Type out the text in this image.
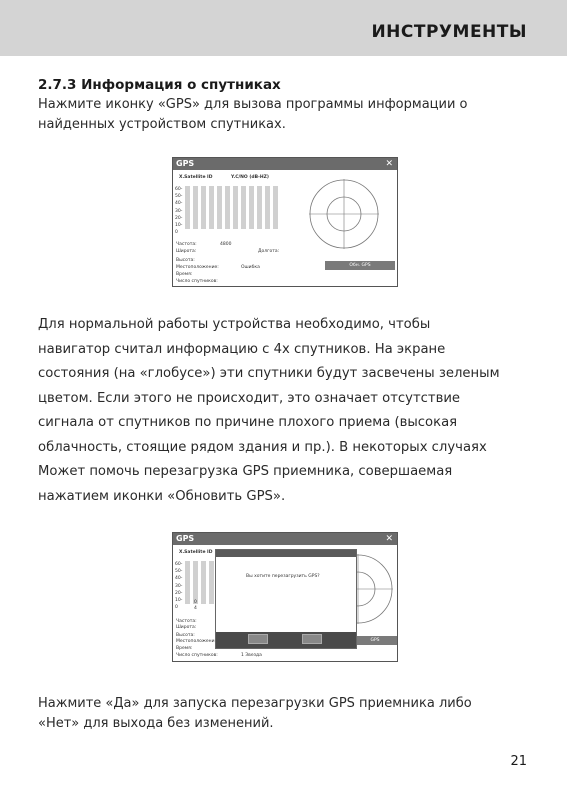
ИНСТРУМЕНТЫ
2.7.3 Информация о спутниках
Нажмите иконку «GPS» для вызова программы информации о
найденных устройством спутниках.
GPS	✕
X.Satellite ID	Y.C/NO (dB-HZ)
60-
50-
40-
30-
20-
10-
0
Частота:	4800
Широта:	Долгота:
Высота:
Местоположение:	Ошибка
Время:
Число спутников:
Обн. GPS
Для нормальной работы устройства необходимо, чтобы
навигатор считал информацию с 4х спутников. На экране
состояния (на «глобусе») эти спутники будут засвечены зеленым
цветом. Если этого не происходит, это означает отсутствие
сигнала от спутников по причине плохого приема (высокая
облачность, стоящие рядом здания и пр.). В некоторых случаях
Может помочь перезагрузка GPS приемника, совершаемая
нажатием иконки «Обновить GPS».
GPS	✕
X.Satellite ID
60-
50-
40-
30-
20-
10-
0
0
4
Частота:
Широта:
Высота:
Местоположени
Время:
Число спутников:	1 Звезда
GPS
Вы хотите перезагрузить GPS?
Нажмите «Да» для запуска перезагрузки GPS приемника либо
«Нет» для выхода без изменений.
21
